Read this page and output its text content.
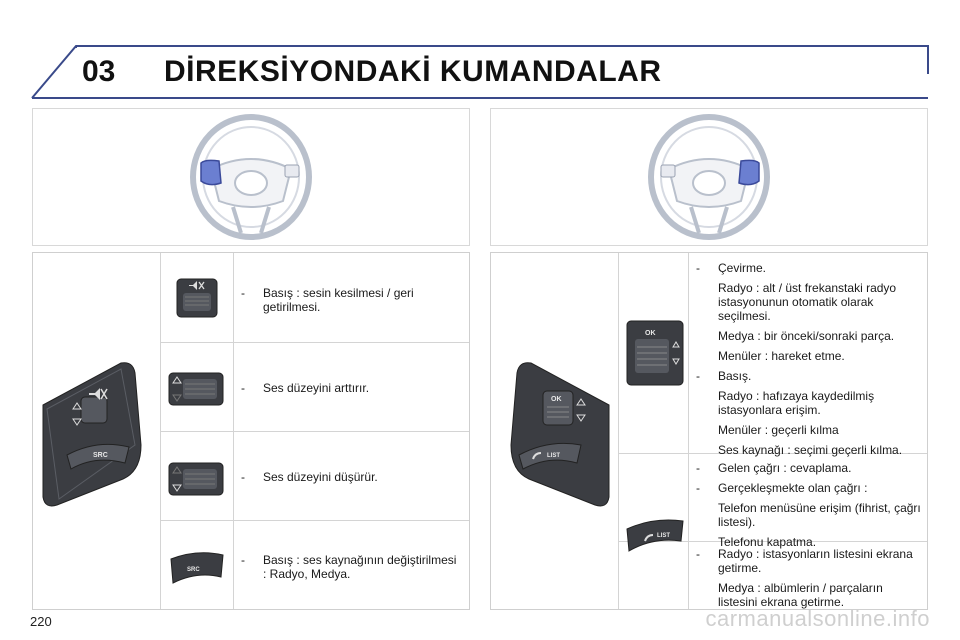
03 DİREKSİYONDAKİ KUMANDALAR
SRC
SRC
- Basış : sesin kesilmesi / geri getirilmesi.
- Ses düzeyini arttırır.
- Ses düzeyini düşürür.
- Basış : ses kaynağının değiştirilmesi : Radyo, Medya.
OK
LIST
OK
LIST
- Çevirme.
Radyo : alt / üst frekanstaki radyo istasyonunun otomatik olarak seçilmesi.
Medya : bir önceki/sonraki parça.
Menüler : hareket etme.
- Basış.
Radyo : hafızaya kaydedilmiş istasyonlara erişim.
Menüler : geçerli kılma
Ses kaynağı : seçimi geçerli kılma.
- Gelen çağrı : cevaplama.
- Gerçekleşmekte olan çağrı :
Telefon menüsüne erişim (fihrist, çağrı listesi).
Telefonu kapatma.
- Radyo : istasyonların listesini ekrana getirme.
Medya : albümlerin / parçaların listesini ekrana getirme.
220	carmanualsonline.info
